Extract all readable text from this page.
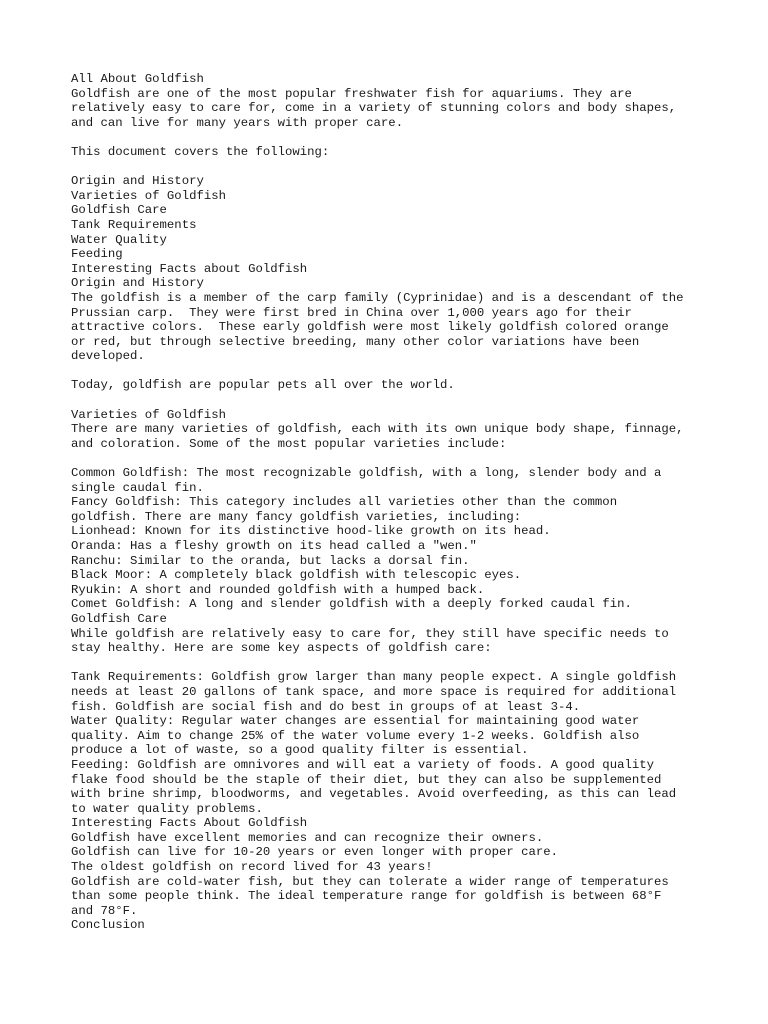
All About Goldfish
Goldfish are one of the most popular freshwater fish for aquariums. They are
relatively easy to care for, come in a variety of stunning colors and body shapes,
and can live for many years with proper care.
This document covers the following:
Origin and History
Varieties of Goldfish
Goldfish Care
Tank Requirements
Water Quality
Feeding
Interesting Facts about Goldfish
Origin and History
The goldfish is a member of the carp family (Cyprinidae) and is a descendant of the
Prussian carp.  They were first bred in China over 1,000 years ago for their
attractive colors.  These early goldfish were most likely goldfish colored orange
or red, but through selective breeding, many other color variations have been
developed.
Today, goldfish are popular pets all over the world.
Varieties of Goldfish
There are many varieties of goldfish, each with its own unique body shape, finnage,
and coloration. Some of the most popular varieties include:
Common Goldfish: The most recognizable goldfish, with a long, slender body and a
single caudal fin.
Fancy Goldfish: This category includes all varieties other than the common
goldfish. There are many fancy goldfish varieties, including:
Lionhead: Known for its distinctive hood-like growth on its head.
Oranda: Has a fleshy growth on its head called a "wen."
Ranchu: Similar to the oranda, but lacks a dorsal fin.
Black Moor: A completely black goldfish with telescopic eyes.
Ryukin: A short and rounded goldfish with a humped back.
Comet Goldfish: A long and slender goldfish with a deeply forked caudal fin.
Goldfish Care
While goldfish are relatively easy to care for, they still have specific needs to
stay healthy. Here are some key aspects of goldfish care:
Tank Requirements: Goldfish grow larger than many people expect. A single goldfish
needs at least 20 gallons of tank space, and more space is required for additional
fish. Goldfish are social fish and do best in groups of at least 3-4.
Water Quality: Regular water changes are essential for maintaining good water
quality. Aim to change 25% of the water volume every 1-2 weeks. Goldfish also
produce a lot of waste, so a good quality filter is essential.
Feeding: Goldfish are omnivores and will eat a variety of foods. A good quality
flake food should be the staple of their diet, but they can also be supplemented
with brine shrimp, bloodworms, and vegetables. Avoid overfeeding, as this can lead
to water quality problems.
Interesting Facts About Goldfish
Goldfish have excellent memories and can recognize their owners.
Goldfish can live for 10-20 years or even longer with proper care.
The oldest goldfish on record lived for 43 years!
Goldfish are cold-water fish, but they can tolerate a wider range of temperatures
than some people think. The ideal temperature range for goldfish is between 68°F
and 78°F.
Conclusion
